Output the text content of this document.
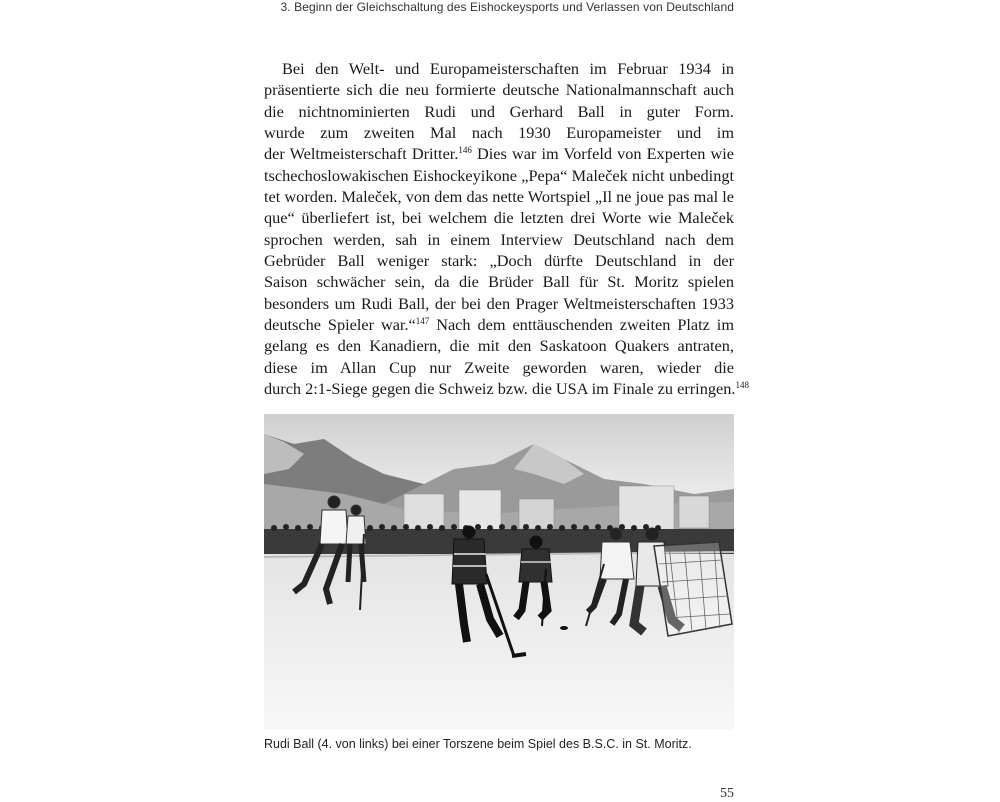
3. Beginn der Gleichschaltung des Eishockeysports und Verlassen von Deutschland
Bei den Welt- und Europameisterschaften im Februar 1934 in
präsentierte sich die neu formierte deutsche Nationalmannschaft auch
die nichtnominierten Rudi und Gerhard Ball in guter Form.
wurde zum zweiten Mal nach 1930 Europameister und im
der Weltmeisterschaft Dritter.$^{146}$ Dies war im Vorfeld von Experten wie
tschechoslowakischen Eishockeyikone „Pepa“ Maleček nicht unbedingt
tet worden. Maleček, von dem das nette Wortspiel „Il ne joue pas mal le
que“ überliefert ist, bei welchem die letzten drei Worte wie Maleček
sprochen werden, sah in einem Interview Deutschland nach dem
Gebrüder Ball weniger stark: „Doch dürfte Deutschland in der
Saison schwächer sein, da die Brüder Ball für St. Moritz spielen
besonders um Rudi Ball, der bei den Prager Weltmeisterschaften 1933
deutsche Spieler war.“$^{147}$ Nach dem enttäuschenden zweiten Platz im
gelang es den Kanadiern, die mit den Saskatoon Quakers antraten,
diese im Allan Cup nur Zweite geworden waren, wieder die
durch 2:1-Siege gegen die Schweiz bzw. die USA im Finale zu erringen.$^{148}$
Rudi Ball (4. von links) bei einer Torszene beim Spiel des B.S.C. in St. Moritz.
55
